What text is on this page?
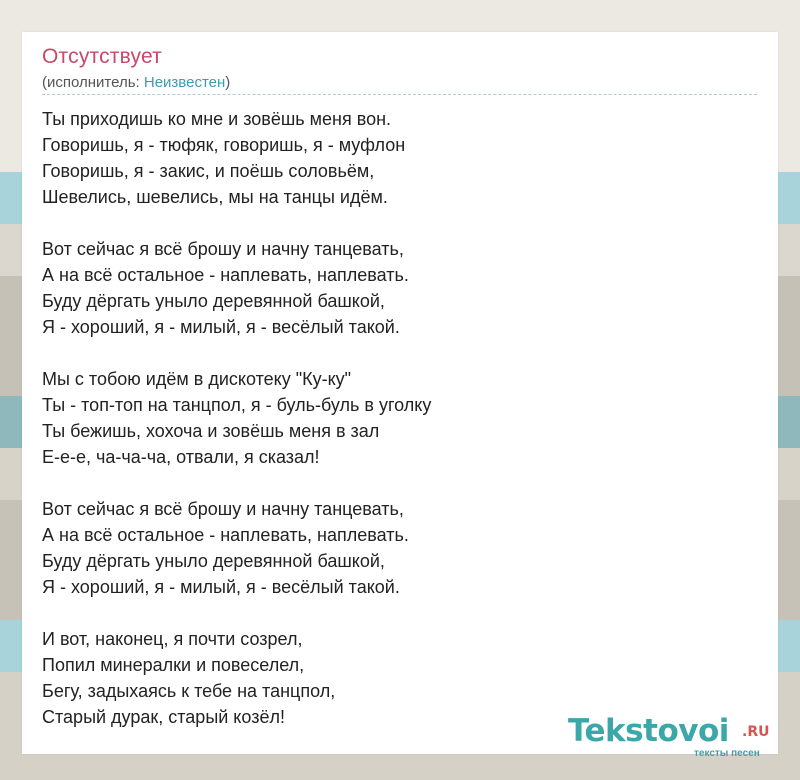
Отсутствует
(исполнитель: Неизвестен)
Ты приходишь ко мне и зовёшь меня вон.
Говоришь, я - тюфяк, говоришь, я - муфлон
Говоришь, я - закис, и поёшь соловьём,
Шевелись, шевелись, мы на танцы идём.
Вот сейчас я всё брошу и начну танцевать,
А на всё остальное - наплевать, наплевать.
Буду дёргать уныло деревянной башкой,
Я - хороший, я - милый, я - весёлый такой.
Мы с тобою идём в дискотеку "Ку-ку"
Ты - топ-топ на танцпол, я - буль-буль в уголку
Ты бежишь, хохоча и зовёшь меня в зал
Е-е-е, ча-ча-ча, отвали, я сказал!
Вот сейчас я всё брошу и начну танцевать,
А на всё остальное - наплевать, наплевать.
Буду дёргать уныло деревянной башкой,
Я - хороший, я - милый, я - весёлый такой.
И вот, наконец, я почти созрел,
Попил минералки и повеселел,
Бегу, задыхаясь к тебе на танцпол,
Старый дурак, старый козёл!	Tekstovoi .RU
тексты песен
